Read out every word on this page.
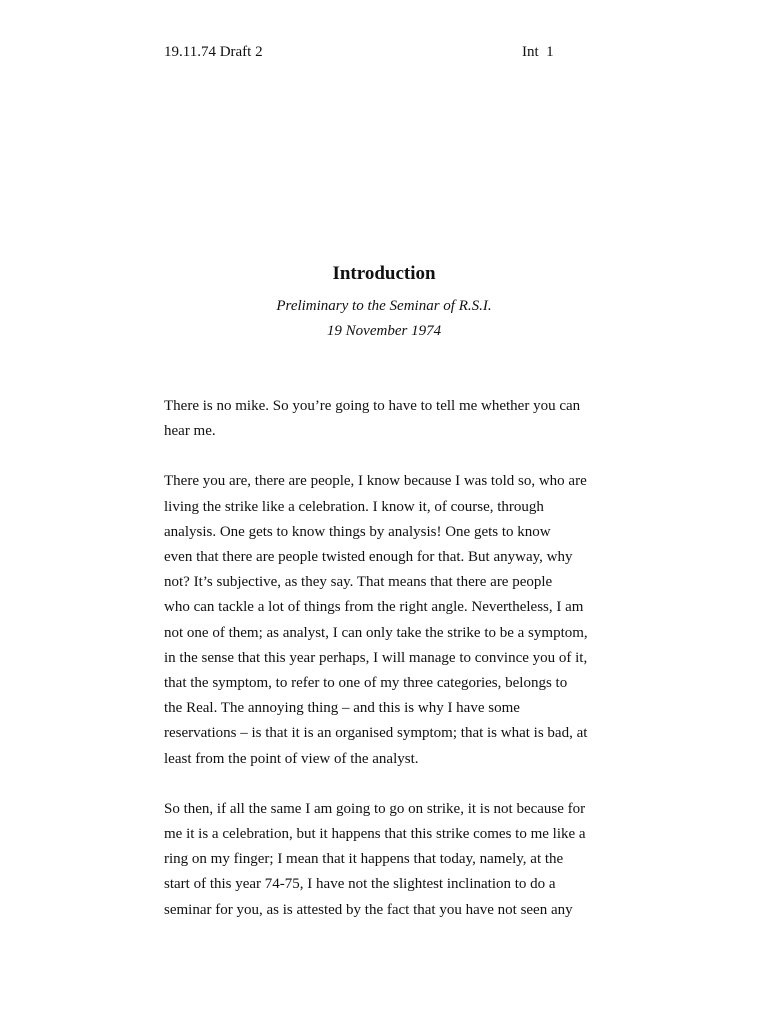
19.11.74 Draft 2	Int  1
Introduction
Preliminary to the Seminar of R.S.I.
19 November 1974
There is no mike. So you’re going to have to tell me whether you can
hear me.
There you are, there are people, I know because I was told so, who are
living the strike like a celebration. I know it, of course, through
analysis. One gets to know things by analysis! One gets to know
even that there are people twisted enough for that. But anyway, why
not? It’s subjective, as they say. That means that there are people
who can tackle a lot of things from the right angle. Nevertheless, I am
not one of them; as analyst, I can only take the strike to be a symptom,
in the sense that this year perhaps, I will manage to convince you of it,
that the symptom, to refer to one of my three categories, belongs to
the Real. The annoying thing – and this is why I have some
reservations – is that it is an organised symptom; that is what is bad, at
least from the point of view of the analyst.
So then, if all the same I am going to go on strike, it is not because for
me it is a celebration, but it happens that this strike comes to me like a
ring on my finger; I mean that it happens that today, namely, at the
start of this year 74-75, I have not the slightest inclination to do a
seminar for you, as is attested by the fact that you have not seen any
